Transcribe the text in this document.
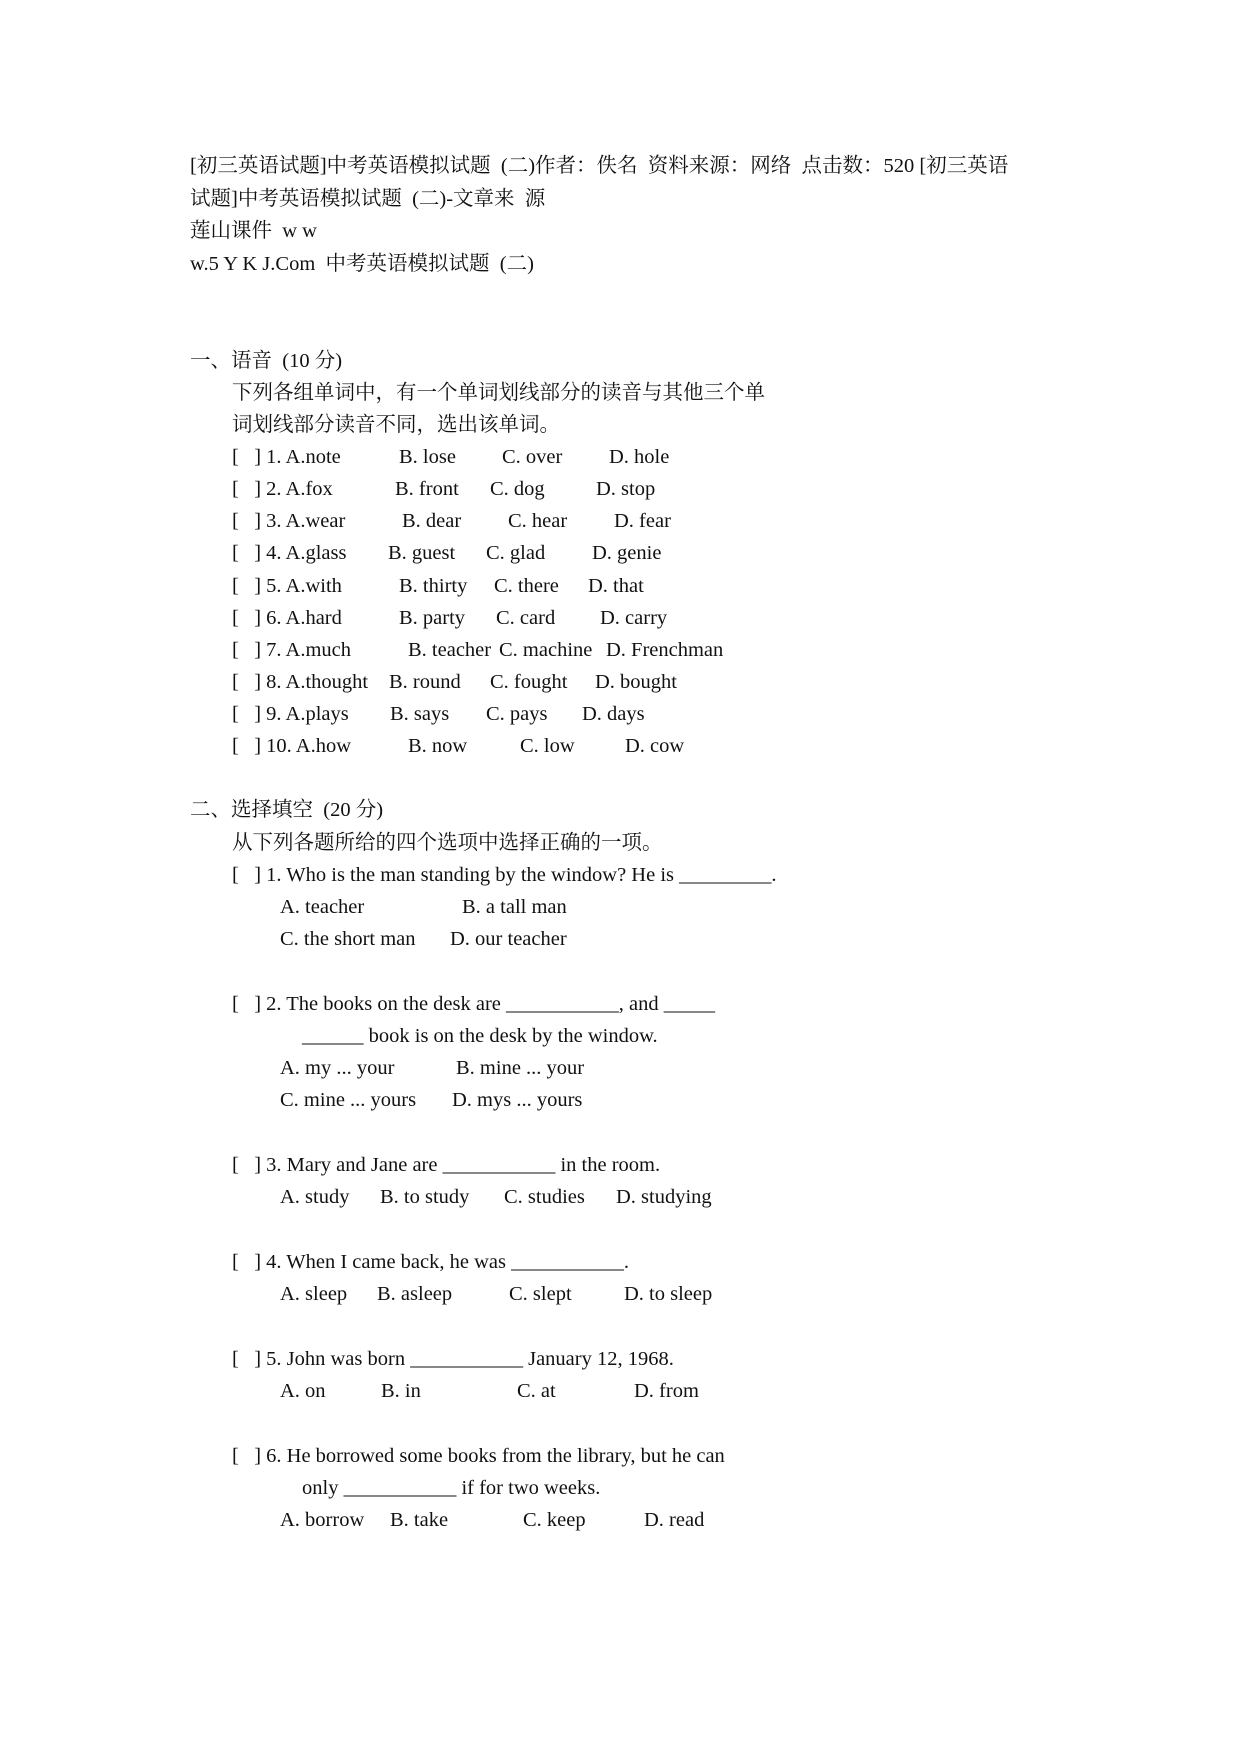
[初三英语试题]中考英语模拟试题  (二)作者：佚名  资料来源：网络  点击数：520 [初三英语
试题]中考英语模拟试题  (二)-文章来  源
莲山课件  w w
w.5 Y K J.Com  中考英语模拟试题  (二)
一、语音  (10 分)
下列各组单词中，有一个单词划线部分的读音与其他三个单
词划线部分读音不同，选出该单词。

[   ] 1. A.note

	B. lose

C. over

D. hole

[   ] 2. A.fox

	B. front

C. dog

	D. stop

[   ] 3. A.wear

	B. dear

C. hear

D. fear

[   ] 4. A.glass

B. guest

C. glad

D. genie

[   ] 5. A.with

	B. thirty

C. there

D. that

[   ] 6. A.hard

	B. party

C. card

D. carry

[   ] 7. A.much

	B. teacher

C. machine

D. Frenchman

[   ] 8. A.thought

B. round

C. fought

D. bought

[   ] 9. A.plays

B. says

C. pays

D. days

[   ] 10. A.how

	B. now

	C. low

D. cow

二、选择填空  (20 分)
从下列各题所给的四个选项中选择正确的一项。
[   ] 1. Who is the man standing by the window? He is _________.

A. teacher

	B. a tall man

C. the short man

D. our teacher

[   ] 2. The books on the desk are ___________, and _____
______ book is on the desk by the window.

A. my ... your

	B. mine ... your

C. mine ... yours

D. mys ... yours

[   ] 3. Mary and Jane are ___________ in the room.

A. study

B. to study

C. studies

D. studying

[   ] 4. When I came back, he was ___________.

A. sleep

B. asleep

	C. slept

	D. to sleep

[   ] 5. John was born ___________ January 12, 1968.

A. on

	B. in

	C. at

	D. from

[   ] 6. He borrowed some books from the library, but he can
only ___________ if for two weeks.

A. borrow

B. take

	C. keep

	D. read
